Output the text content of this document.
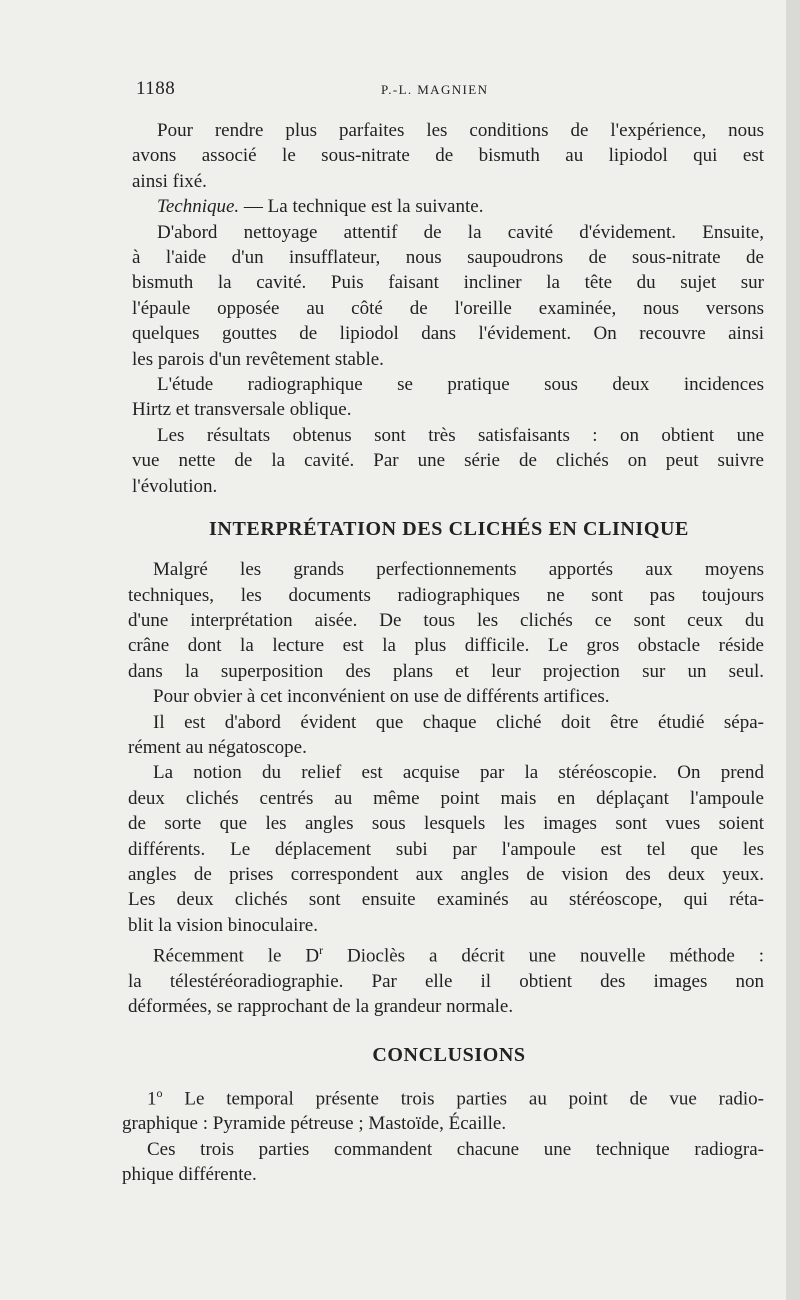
1188	P.-L. MAGNIEN

Pour rendre plus parfaites les conditions de l'expérience, nous
avons associé le sous-nitrate de bismuth au lipiodol qui est
ainsi fixé.

Technique. — La technique est la suivante.

D'abord nettoyage attentif de la cavité d'évidement. Ensuite,
à l'aide d'un insufflateur, nous saupoudrons de sous-nitrate de
bismuth la cavité. Puis faisant incliner la tête du sujet sur
l'épaule opposée au côté de l'oreille examinée, nous versons
quelques gouttes de lipiodol dans l'évidement. On recouvre ainsi
les parois d'un revêtement stable.

L'étude radiographique se pratique sous deux incidences
Hirtz et transversale oblique.

Les résultats obtenus sont très satisfaisants : on obtient une
vue nette de la cavité. Par une série de clichés on peut suivre
l'évolution.

INTERPRÉTATION DES CLICHÉS EN CLINIQUE

Malgré les grands perfectionnements apportés aux moyens
techniques, les documents radiographiques ne sont pas toujours
d'une interprétation aisée. De tous les clichés ce sont ceux du
crâne dont la lecture est la plus difficile. Le gros obstacle réside
dans la superposition des plans et leur projection sur un seul.

Pour obvier à cet inconvénient on use de différents artifices.

Il est d'abord évident que chaque cliché doit être étudié sépa-
rément au négatoscope.

La notion du relief est acquise par la stéréoscopie. On prend
deux clichés centrés au même point mais en déplaçant l'ampoule
de sorte que les angles sous lesquels les images sont vues soient
différents. Le déplacement subi par l'ampoule est tel que les
angles de prises correspondent aux angles de vision des deux yeux.
Les deux clichés sont ensuite examinés au stéréoscope, qui réta-
blit la vision binoculaire.

Récemment le $D^r$ Dioclès a décrit une nouvelle méthode :
la télestéréoradiographie. Par elle il obtient des images non
déformées, se rapprochant de la grandeur normale.

CONCLUSIONS

1$^o$ Le temporal présente trois parties au point de vue radio-
graphique : Pyramide pétreuse ; Mastoïde, Écaille.

Ces trois parties commandent chacune une technique radiogra-
phique différente.
